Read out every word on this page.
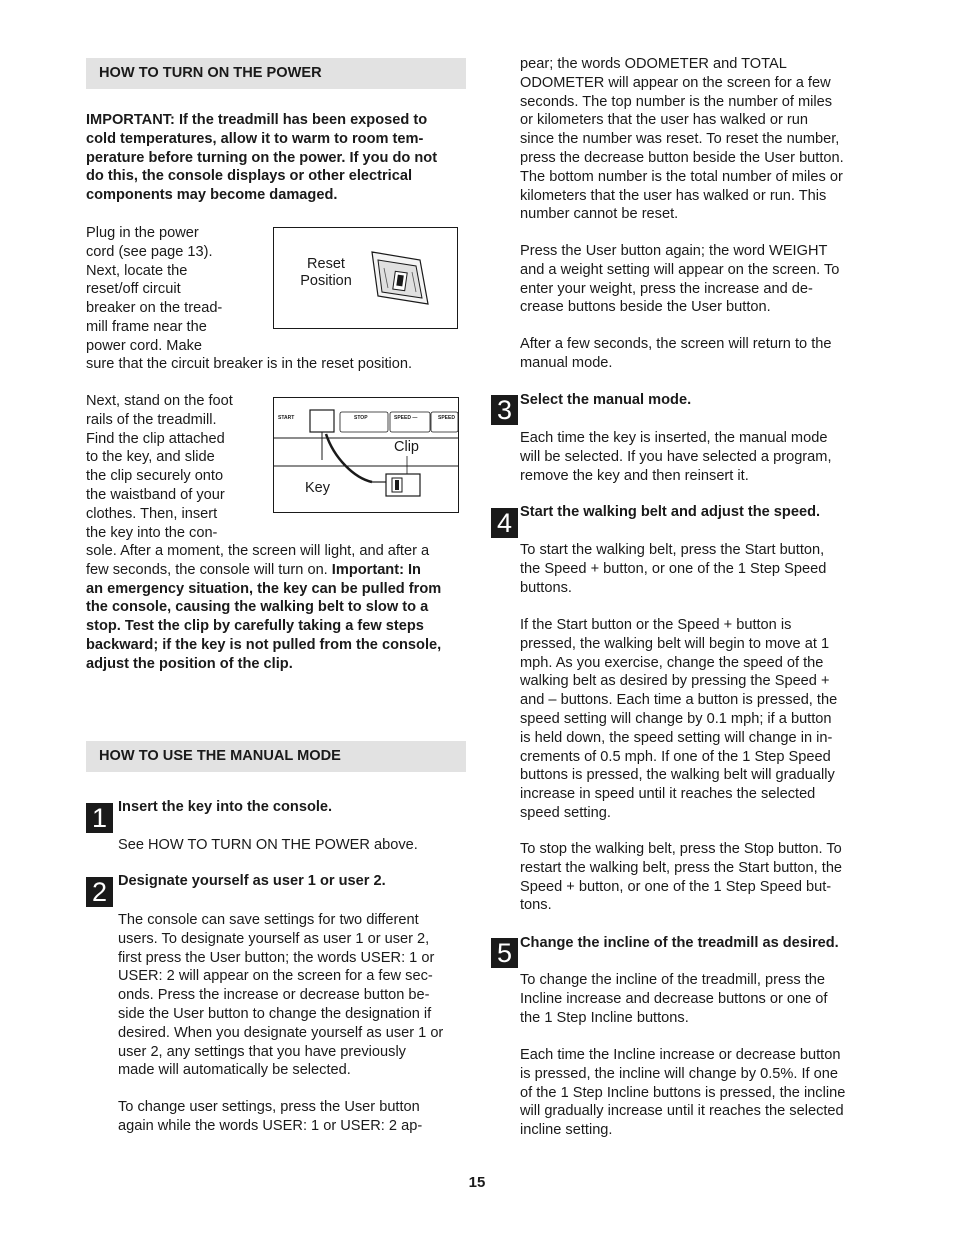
HOW TO TURN ON THE POWER

IMPORTANT: If the treadmill has been exposed to

cold temperatures, allow it to warm to room tem-

perature before turning on the power. If you do not

do this, the console displays or other electrical

components may become damaged.

Plug in the power

cord (see page 13).

Next, locate the

reset/off circuit

breaker on the tread-

mill frame near the

power cord. Make

sure that the circuit breaker is in the reset position.

Reset
Position

Next, stand on the foot

rails of the treadmill.

Find the clip attached

to the key, and slide

the clip securely onto

the waistband of your

clothes. Then, insert

the key into the con-

sole. After a moment, the screen will light, and after a

few seconds, the console will turn on. Important: In

an emergency situation, the key can be pulled from

the console, causing the walking belt to slow to a

stop. Test the clip by carefully taking a few steps

backward; if the key is not pulled from the console,

adjust the position of the clip.

START	STOP	SPEED —	SPEED
Clip
Key
HOW TO USE THE MANUAL MODE
1 Insert the key into the console.

See HOW TO TURN ON THE POWER above.

2 Designate yourself as user 1 or user 2.

The console can save settings for two different

users. To designate yourself as user 1 or user 2,

first press the User button; the words USER: 1 or

USER: 2 will appear on the screen for a few sec-

onds. Press the increase or decrease button be-

side the User button to change the designation if

desired. When you designate yourself as user 1 or

user 2, any settings that you have previously

made will automatically be selected.

To change user settings, press the User button

again while the words USER: 1 or USER: 2 ap-

pear; the words ODOMETER and TOTAL

ODOMETER will appear on the screen for a few

seconds. The top number is the number of miles

or kilometers that the user has walked or run

since the number was reset. To reset the number,

press the decrease button beside the User button.

The bottom number is the total number of miles or

kilometers that the user has walked or run. This

number cannot be reset.

Press the User button again; the word WEIGHT

and a weight setting will appear on the screen. To

enter your weight, press the increase and de-

crease buttons beside the User button.

After a few seconds, the screen will return to the

manual mode.

3 Select the manual mode.

Each time the key is inserted, the manual mode

will be selected. If you have selected a program,

remove the key and then reinsert it.

4 Start the walking belt and adjust the speed.

To start the walking belt, press the Start button,

the Speed + button, or one of the 1 Step Speed

buttons.

If the Start button or the Speed + button is

pressed, the walking belt will begin to move at 1

mph. As you exercise, change the speed of the

walking belt as desired by pressing the Speed +

and – buttons. Each time a button is pressed, the

speed setting will change by 0.1 mph; if a button

is held down, the speed setting will change in in-

crements of 0.5 mph. If one of the 1 Step Speed

buttons is pressed, the walking belt will gradually

increase in speed until it reaches the selected

speed setting.

To stop the walking belt, press the Stop button. To

restart the walking belt, press the Start button, the

Speed + button, or one of the 1 Step Speed but-

tons.

5 Change the incline of the treadmill as desired.

To change the incline of the treadmill, press the

Incline increase and decrease buttons or one of

the 1 Step Incline buttons.

Each time the Incline increase or decrease button

is pressed, the incline will change by 0.5%. If one

of the 1 Step Incline buttons is pressed, the incline

will gradually increase until it reaches the selected

incline setting.

15
